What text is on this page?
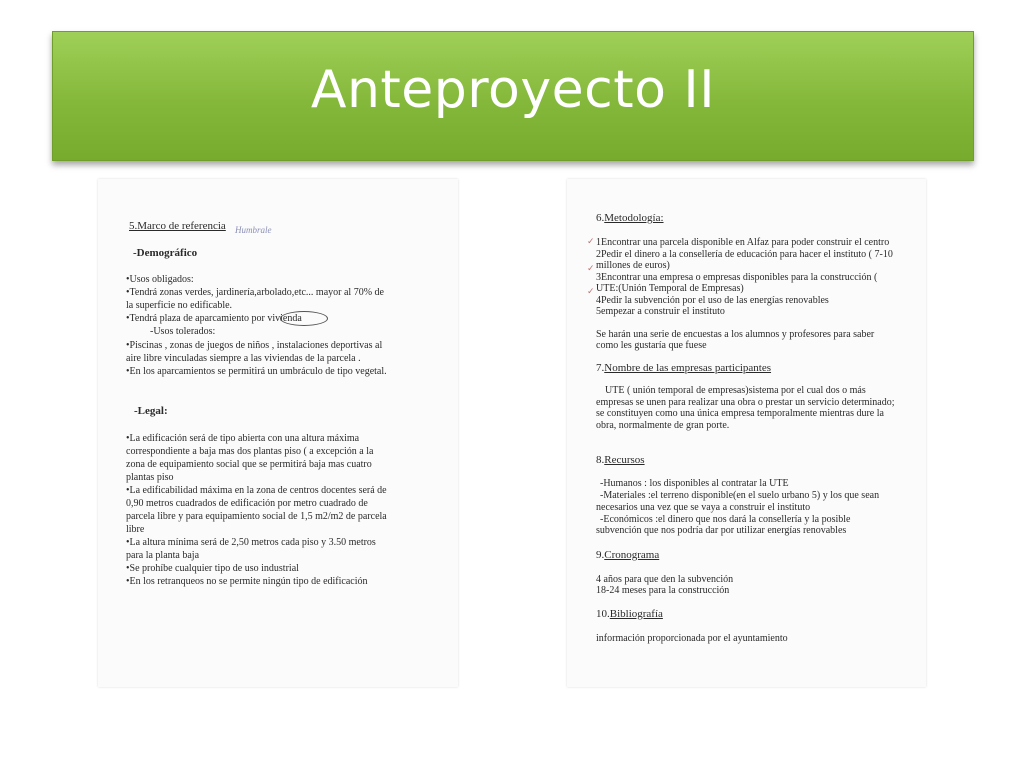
Anteproyecto II
5.Marco de referencia Humbrale
-Demográfico
•Usos obligados:
•Tendrá zonas verdes, jardinería,arbolado,etc... mayor al 70% de
la superficie no edificable.
•Tendrá plaza de aparcamiento por vivienda
-Usos tolerados:
•Piscinas , zonas de juegos de niños , instalaciones deportivas al
aire libre vinculadas siempre a las viviendas de la parcela .
•En los aparcamientos se permitirá un umbráculo de tipo vegetal.
-Legal:
•La edificación será de tipo abierta con una altura máxima
correspondiente a baja mas dos plantas piso ( a excepción a la
zona de equipamiento social que se permitirá baja mas cuatro
plantas piso
•La edificabilidad máxima en la zona de centros docentes será de
0,90 metros cuadrados de edificación por metro cuadrado de
parcela libre y para equipamiento social de 1,5 m2/m2 de parcela
libre
•La altura mínima será de 2,50 metros cada piso y 3.50 metros
para la planta baja
•Se prohíbe cualquier tipo de uso industrial
•En los retranqueos no se permite ningún tipo de edificación
6.Metodología:
✓
✓
✓
1Encontrar una parcela disponible en Alfaz para poder construir el centro
2Pedir el dinero a la consellería de educación para hacer el instituto ( 7-10
millones de euros)
3Encontrar una empresa o empresas disponibles para la construcción (
UTE:(Unión Temporal de Empresas)
4Pedir la subvención por el uso de las energías renovables
5empezar a construir el instituto
Se harán una serie de encuestas a los alumnos y profesores para saber
como les gustaría que fuese
7.Nombre de las empresas participantes
UTE ( unión temporal de empresas)sistema por el cual dos o más
empresas se unen para realizar una obra o prestar un servicio determinado;
se constituyen como una única empresa temporalmente mientras dure la
obra, normalmente de gran porte.
8.Recursos
-Humanos : los disponibles al contratar la UTE
-Materiales :el terreno disponible(en el suelo urbano 5) y los que sean
necesarios una vez que se vaya a construir el instituto
-Económicos :el dinero que nos dará la consellería y la posible
subvención que nos podría dar por utilizar energías renovables
9.Cronograma
4 años para que den la subvención
18-24 meses para la construcción
10.Bibliografía
información proporcionada por el ayuntamiento
